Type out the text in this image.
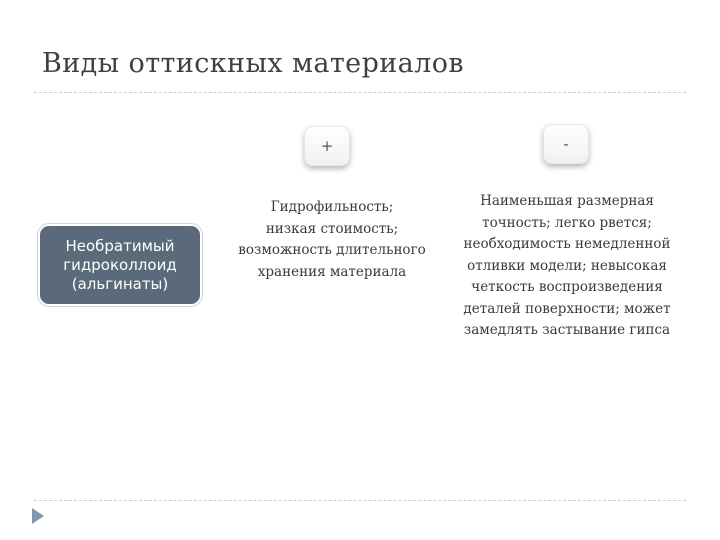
Виды оттискных материалов
+	-
Необратимый
гидроколлоид
(альгинаты)
Гидрофильность;
низкая стоимость;
возможность длительного
хранения материала
Наименьшая размерная
точность; легко рвется;
необходимость немедленной
отливки модели; невысокая
четкость воспроизведения
деталей поверхности; может
замедлять застывание гипса
